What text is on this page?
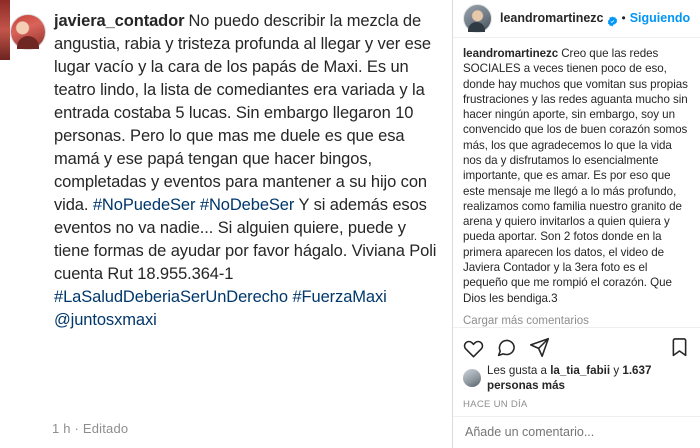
javiera_contador No puedo describir la mezcla de angustia, rabia y tristeza profunda al llegar y ver ese lugar vacío y la cara de los papás de Maxi. Es un teatro lindo, la lista de comediantes era variada y la entrada costaba 5 lucas. Sin embargo llegaron 10 personas. Pero lo que mas me duele es que esa mamá y ese papá tengan que hacer bingos, completadas y eventos para mantener a su hijo con vida. #NoPuedeSer #NoDebeSer Y si además esos eventos no va nadie... Si alguien quiere, puede y tiene formas de ayudar por favor hágalo. Viviana Poli cuenta Rut 18.955.364-1 #LaSaludDeberiaSerUnDerecho #FuerzaMaxi  @juntosxmaxi
1 h · Editado
leandromartinezc • Siguiendo
leandromartinezc Creo que las redes SOCIALES a veces tienen poco de eso, donde hay muchos que vomitan sus propias frustraciones y las redes aguanta mucho sin hacer ningún aporte, sin embargo, soy un convencido que los de buen corazón somos más, los que agradecemos lo que la vida nos da y disfrutamos lo esencialmente importante, que es amar. Es por eso que este mensaje me llegó a lo más profundo, realizamos como familia nuestro granito de arena y quiero invitarlos a quien quiera y pueda aportar. Son 2 fotos donde en la primera aparecen los datos, el video de Javiera Contador y la 3era foto es el pequeño que me rompió el corazón. Que Dios les bendiga.3
Cargar más comentarios
Les gusta a la_tia_fabii y 1.637 personas más
HACE UN DÍA
Añade un comentario...
